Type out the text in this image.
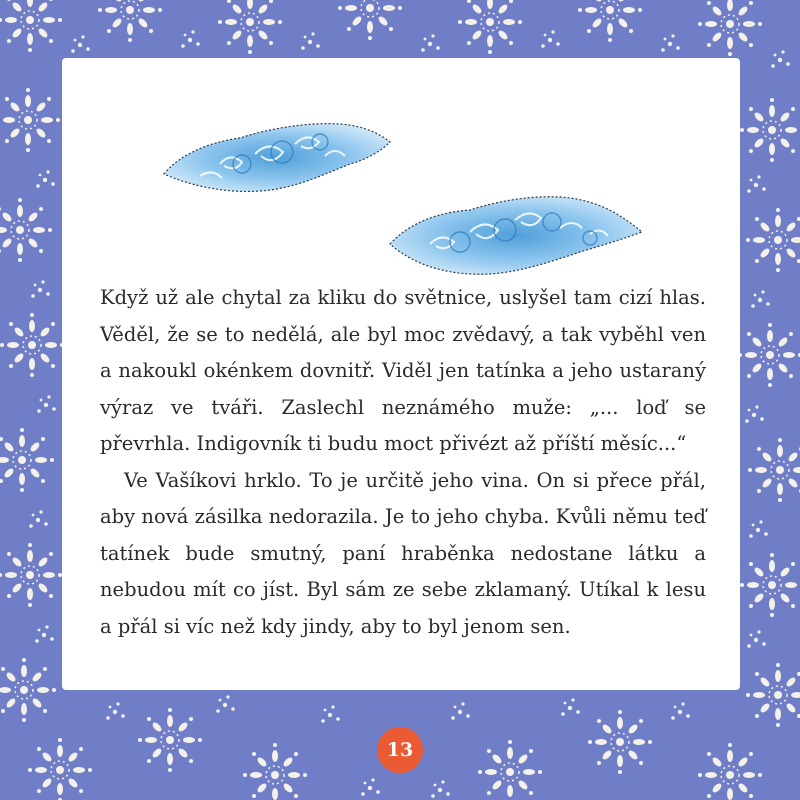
Když už ale chytal za kliku do světnice, uslyšel tam cizí hlas. Věděl, že se to nedělá, ale byl moc zvědavý, a tak vyběhl ven a nakoukl okénkem dovnitř. Viděl jen tatínka a jeho ustaraný výraz ve tváři. Zaslechl neznámého muže: „... loď se převrhla. Indigovník ti budu moct přivézt až příští měsíc...“

Ve Vašíkovi hrklo. To je určitě jeho vina. On si přece přál, aby nová zásilka nedorazila. Je to jeho chyba. Kvůli němu teď tatínek bude smutný, paní hraběnka nedostane látku a nebudou mít co jíst. Byl sám ze sebe zklamaný. Utíkal k lesu a přál si víc než kdy jindy, aby to byl jenom sen.

13
